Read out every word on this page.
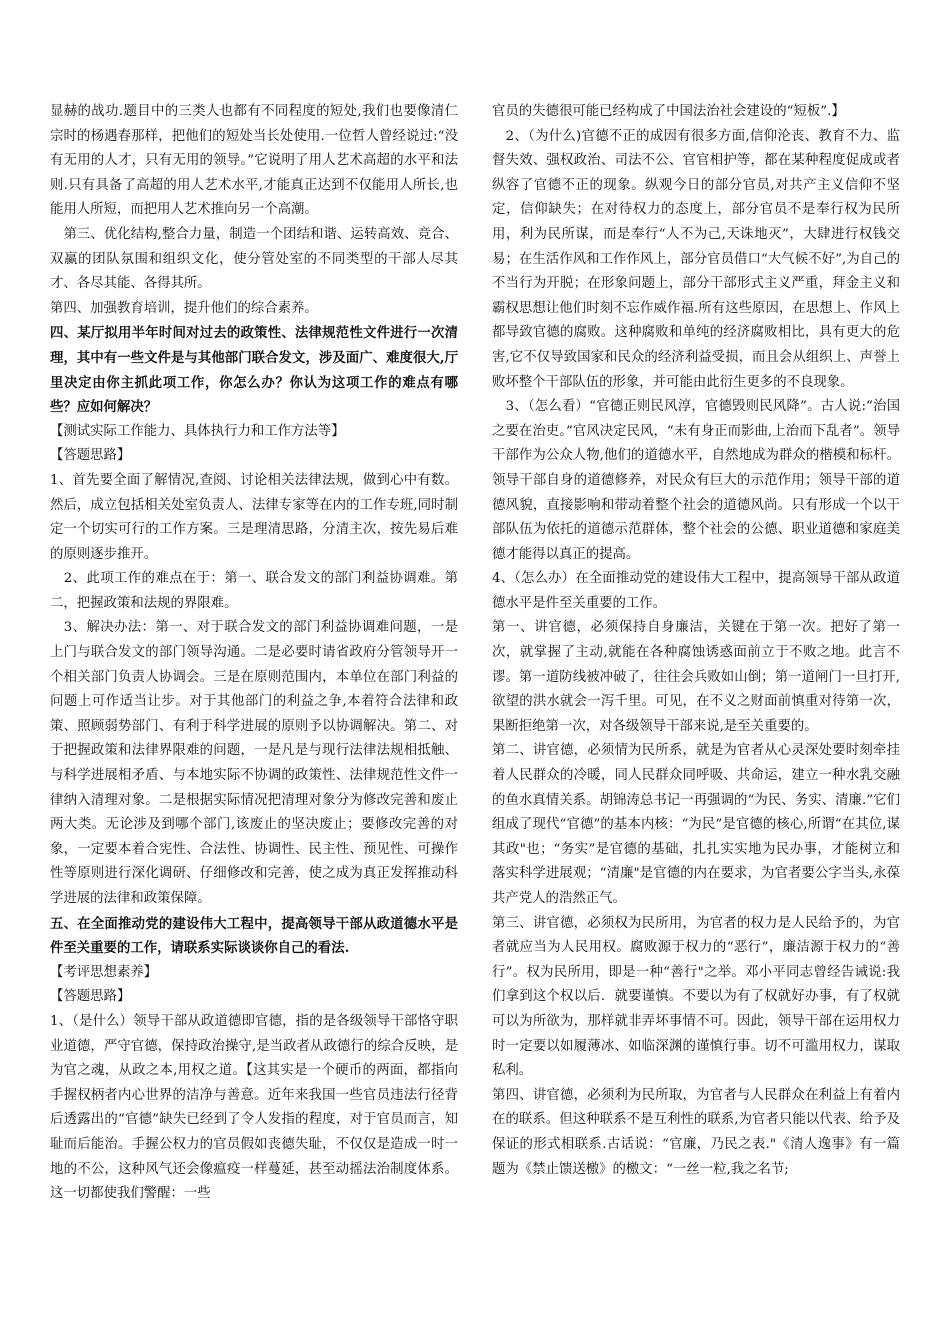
显赫的战功.题目中的三类人也都有不同程度的短处,我们也要像清仁宗时的杨遇春那样，把他们的短处当长处使用.一位哲人曾经说过:“没有无用的人才，只有无用的领导。”它说明了用人艺术高超的水平和法则.只有具备了高超的用人艺术水平,才能真正达到不仅能用人所长,也能用人所短，而把用人艺术推向另一个高潮。

　第三、优化结构,整合力量，制造一个团结和谐、运转高效、竞合、双赢的团队氛围和组织文化，使分管处室的不同类型的干部人尽其才、各尽其能、各得其所。

第四、加强教育培训，提升他们的综合素养。

四、某厅拟用半年时间对过去的政策性、法律规范性文件进行一次清理，其中有一些文件是与其他部门联合发文，涉及面广、难度很大,厅里决定由你主抓此项工作，你怎么办？你认为这项工作的难点有哪些？应如何解决？

【测试实际工作能力、具体执行力和工作方法等】

【答题思路】

1、首先要全面了解情况,查阅、讨论相关法律法规，做到心中有数。然后，成立包括相关处室负责人、法律专家等在内的工作专班,同时制定一个切实可行的工作方案。三是理清思路，分清主次，按先易后难的原则逐步推开。

　2、此项工作的难点在于：第一、联合发文的部门利益协调难。第二，把握政策和法规的界限难。

　3、解决办法：第一、对于联合发文的部门利益协调难问题，一是上门与联合发文的部门领导沟通。二是必要时请省政府分管领导开一个相关部门负责人协调会。三是在原则范围内，本单位在部门利益的问题上可作适当让步。对于其他部门的利益之争,本着符合法律和政策、照顾弱势部门、有利于科学进展的原则予以协调解决。第二、对于把握政策和法律界限难的问题，一是凡是与现行法律法规相抵触、与科学进展相矛盾、与本地实际不协调的政策性、法律规范性文件一律纳入清理对象。二是根据实际情况把清理对象分为修改完善和废止两大类。无论涉及到哪个部门,该废止的坚决废止；要修改完善的对象，一定要本着合宪性、合法性、协调性、民主性、预见性、可操作性等原则进行深化调研、仔细修改和完善，使之成为真正发挥推动科学进展的法律和政策保障。

五、在全面推动党的建设伟大工程中，提高领导干部从政道德水平是件至关重要的工作，请联系实际谈谈你自己的看法.

【考评思想素养】

【答题思路】

1、（是什么）领导干部从政道德即官德，指的是各级领导干部恪守职业道德，严守官德，保持政治操守,是当政者从政德行的综合反映，是为官之魂，从政之本,用权之道。【这其实是一个硬币的两面，都指向手握权柄者内心世界的洁净与善意。近年来我国一些官员违法行径背后透露出的“官德”缺失已经到了令人发指的程度，对于官员而言，知耻而后能治。手握公权力的官员假如丧德失耻，不仅仅是造成一时一地的不公，这种风气还会像瘟疫一样蔓延，甚至动摇法治制度体系。这一切都使我们警醒：一些

官员的失德很可能已经构成了中国法治社会建设的“短板”.】

　2、（为什么)官德不正的成因有很多方面,信仰沦丧、教育不力、监督失效、强权政治、司法不公、官官相护等，都在某种程度促成或者纵容了官德不正的现象。纵观今日的部分官员,对共产主义信仰不坚定，信仰缺失；在对待权力的态度上，部分官员不是奉行权为民所用，利为民所谋，而是奉行“人不为己,天诛地灭”，大肆进行权钱交易；在生活作风和工作作风上，部分官员借口“大气候不好”,为自己的不当行为开脱；在形象问题上，部分干部形式主义严重，拜金主义和霸权思想让他们时刻不忘作威作福.所有这些原因，在思想上、作风上都导致官德的腐败。这种腐败和单纯的经济腐败相比，具有更大的危害,它不仅导致国家和民众的经济利益受损，而且会从组织上、声誉上败坏整个干部队伍的形象，并可能由此衍生更多的不良现象。

　3、（怎么看）“官德正则民风淳，官德毁则民风降”。古人说:“治国之要在治吏。”官风决定民风，“未有身正而影曲,上治而下乱者”。领导干部作为公众人物,他们的道德水平，自然地成为群众的楷模和标杆。领导干部自身的道德修养，对民众有巨大的示范作用；领导干部的道德风貌，直接影响和带动着整个社会的道德风尚。只有形成一个以干部队伍为依托的道德示范群体，整个社会的公德、职业道德和家庭美德才能得以真正的提高。

4、（怎么办）在全面推动党的建设伟大工程中，提高领导干部从政道德水平是件至关重要的工作。

第一、讲官德，必须保持自身廉洁，关键在于第一次。把好了第一次，就掌握了主动,就能在各种腐蚀诱惑面前立于不败之地。此言不谬。第一道防线被冲破了，往往会兵败如山倒；第一道闸门一旦打开,欲望的洪水就会一泻千里。可见，在不义之财面前慎重对待第一次，果断拒绝第一次，对各级领导干部来说,是至关重要的。

第二、讲官德，必须情为民所系，就是为官者从心灵深处要时刻牵挂着人民群众的冷暖，同人民群众同呼吸、共命运，建立一种水乳交融的鱼水真情关系。胡锦涛总书记一再强调的“为民、务实、清廉.”它们组成了现代“官德”的基本内核：“为民”是官德的核心,所谓“在其位,谋其政"也；“务实”是官德的基础，扎扎实实地为民办事，才能树立和落实科学进展观；“清廉"是官德的内在要求，为官者要公字当头,永葆共产党人的浩然正气。

第三、讲官德，必须权为民所用，为官者的权力是人民给予的，为官者就应当为人民用权。腐败源于权力的“恶行”，廉洁源于权力的“善行”。权为民所用，即是一种“善行"之举。邓小平同志曾经告诫说:我们拿到这个权以后．就要谨慎。不要以为有了权就好办事，有了权就可以为所欲为，那样就非弄坏事情不可。因此，领导干部在运用权力时一定要以如履薄冰、如临深渊的谨慎行事。切不可滥用权力，谋取私利。

第四、讲官德，必须利为民所取，为官者与人民群众在利益上有着内在的联系。但这种联系不是互利性的联系,为官者只能以代表、给予及保证的形式相联系.古话说：“官廉，乃民之表."《清人逸事》有一篇题为《禁止馈送檄》的檄文：“一丝一粒,我之名节;
